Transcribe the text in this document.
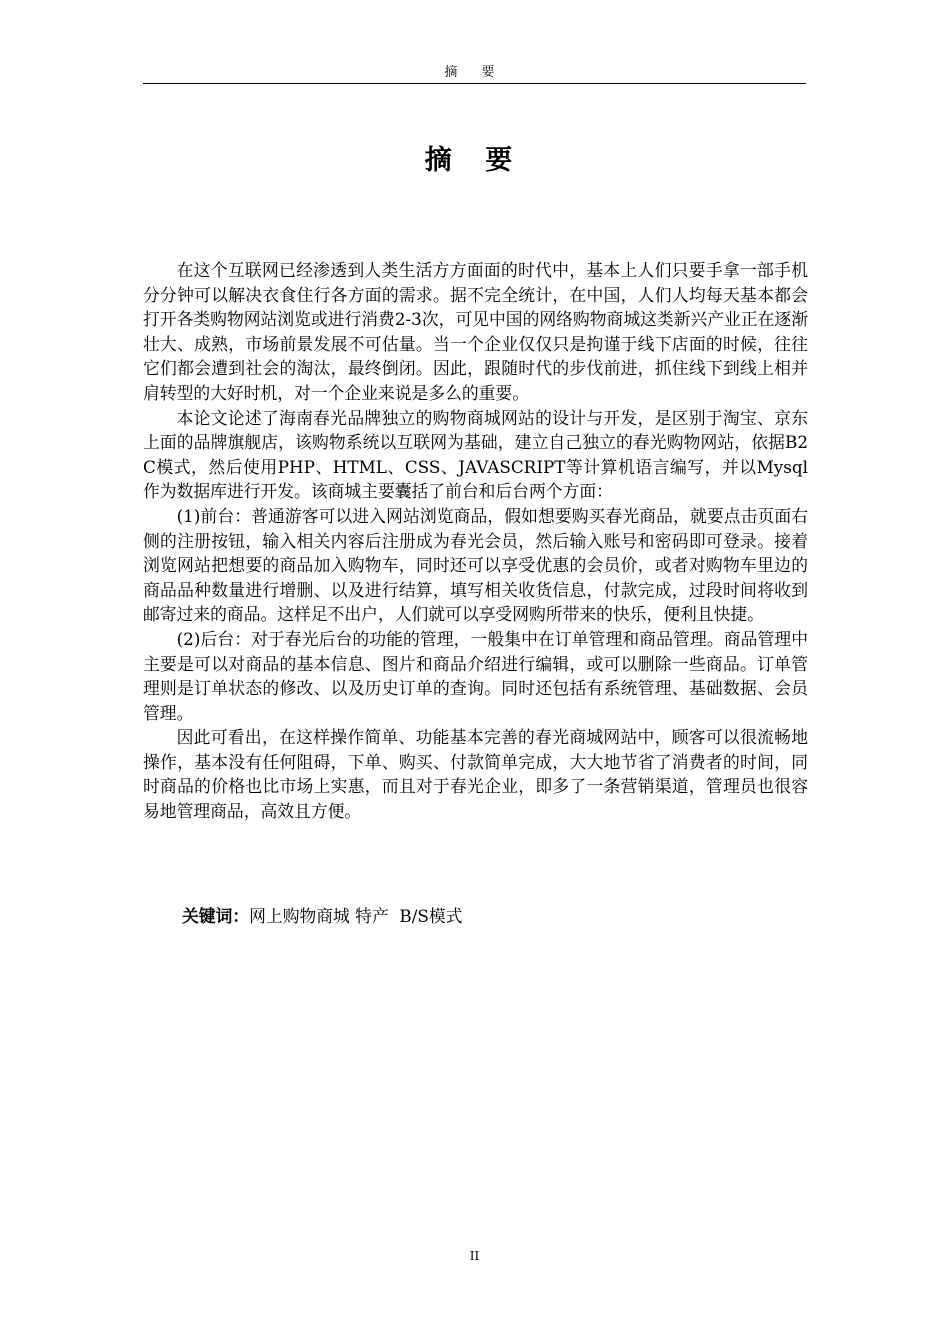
摘 要
摘 要

在这个互联网已经渗透到人类生活方方面面的时代中，基本上人们只要手拿一部手机分分钟可以解决衣食住行各方面的需求。据不完全统计，在中国，人们人均每天基本都会打开各类购物网站浏览或进行消费2-3次，可见中国的网络购物商城这类新兴产业正在逐渐壮大、成熟，市场前景发展不可估量。当一个企业仅仅只是拘谨于线下店面的时候，往往它们都会遭到社会的淘汰，最终倒闭。因此，跟随时代的步伐前进，抓住线下到线上相并肩转型的大好时机，对一个企业来说是多么的重要。

本论文论述了海南春光品牌独立的购物商城网站的设计与开发，是区别于淘宝、京东上面的品牌旗舰店，该购物系统以互联网为基础，建立自己独立的春光购物网站，依据B2C模式，然后使用PHP、HTML、CSS、JAVASCRIPT等计算机语言编写，并以Mysql作为数据库进行开发。该商城主要囊括了前台和后台两个方面：

(1)前台：普通游客可以进入网站浏览商品，假如想要购买春光商品，就要点击页面右侧的注册按钮，输入相关内容后注册成为春光会员，然后输入账号和密码即可登录。接着浏览网站把想要的商品加入购物车，同时还可以享受优惠的会员价，或者对购物车里边的商品品种数量进行增删、以及进行结算，填写相关收货信息，付款完成，过段时间将收到邮寄过来的商品。这样足不出户，人们就可以享受网购所带来的快乐，便利且快捷。

(2)后台：对于春光后台的功能的管理，一般集中在订单管理和商品管理。商品管理中主要是可以对商品的基本信息、图片和商品介绍进行编辑，或可以删除一些商品。订单管理则是订单状态的修改、以及历史订单的查询。同时还包括有系统管理、基础数据、会员管理。

因此可看出，在这样操作简单、功能基本完善的春光商城网站中，顾客可以很流畅地操作，基本没有任何阻碍，下单、购买、付款简单完成，大大地节省了消费者的时间，同时商品的价格也比市场上实惠，而且对于春光企业，即多了一条营销渠道，管理员也很容易地管理商品，高效且方便。

关键词：网上购物商城 特产  B/S模式
II
